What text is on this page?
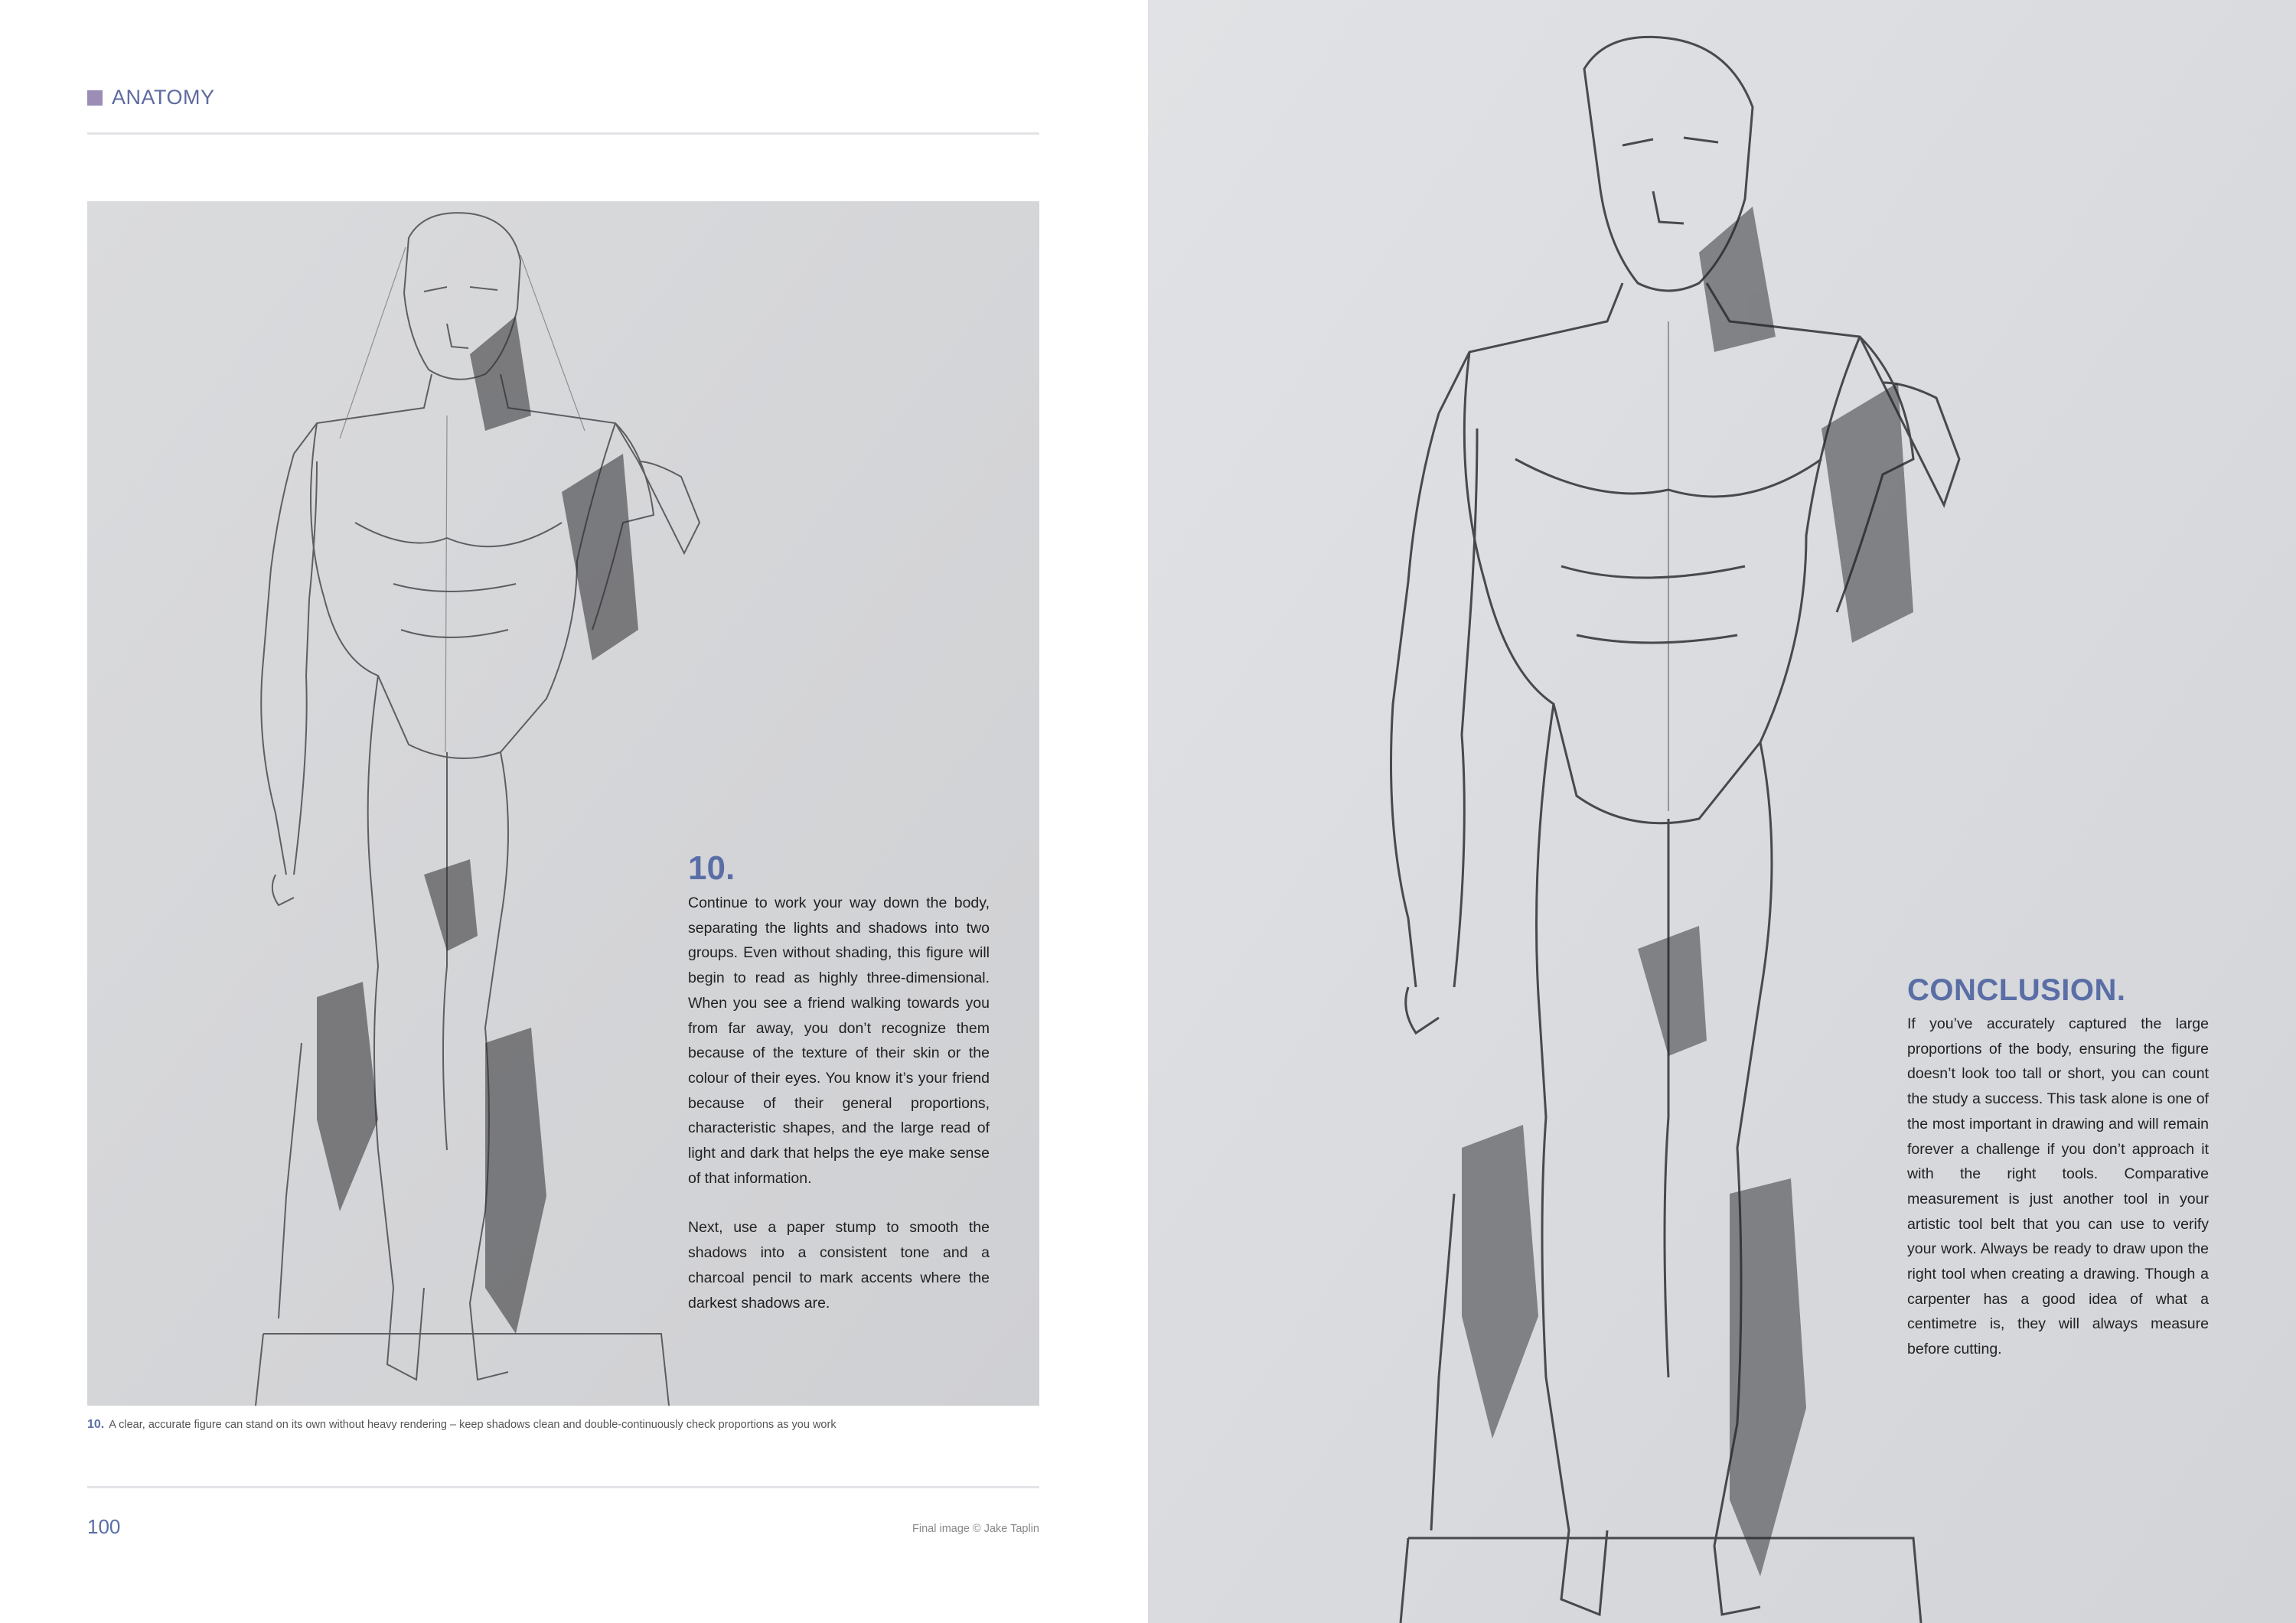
ANATOMY
10.

Continue to work your way down the body, separating the lights and shadows into two groups. Even without shading, this figure will begin to read as highly three-dimensional. When you see a friend walking towards you from far away, you don’t recognize them because of the texture of their skin or the colour of their eyes. You know it’s your friend because of their general proportions, characteristic shapes, and the large read of light and dark that helps the eye make sense of that information.

Next, use a paper stump to smooth the shadows into a consistent tone and a charcoal pencil to mark accents where the darkest shadows are.

10. A clear, accurate figure can stand on its own without heavy rendering – keep shadows clean and double-continuously check proportions as you work
100	Final image © Jake Taplin
CONCLUSION.
If you’ve accurately captured the large proportions of the body, ensuring the figure doesn’t look too tall or short, you can count the study a success. This task alone is one of the most important in drawing and will remain forever a challenge if you don’t approach it with the right tools. Comparative measurement is just another tool in your artistic tool belt that you can use to verify your work. Always be ready to draw upon the right tool when creating a drawing. Though a carpenter has a good idea of what a centimetre is, they will always measure before cutting.
